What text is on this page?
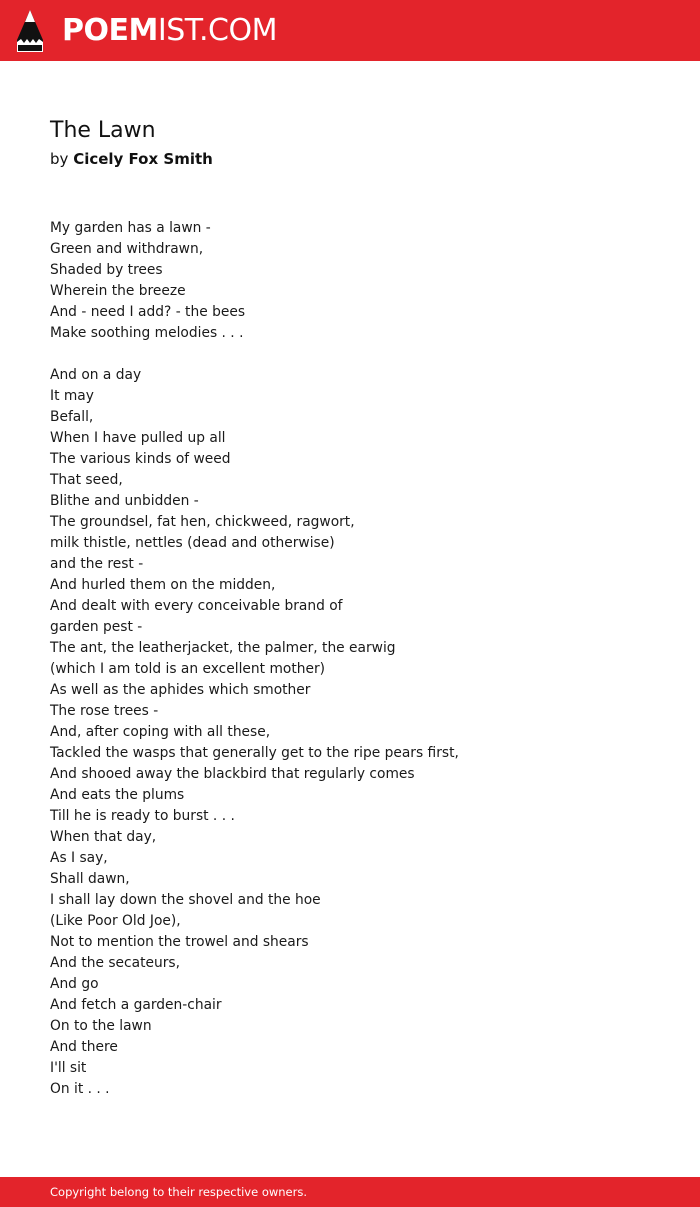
POEMIST.COM
The Lawn
by Cicely Fox Smith
My garden has a lawn -
Green and withdrawn,
Shaded by trees
Wherein the breeze
And - need I add? - the bees
Make soothing melodies . . .
And on a day
It may
Befall,
When I have pulled up all
The various kinds of weed
That seed,
Blithe and unbidden -
The groundsel, fat hen, chickweed, ragwort,
milk thistle, nettles (dead and otherwise)
and the rest -
And hurled them on the midden,
And dealt with every conceivable brand of
garden pest -
The ant, the leatherjacket, the palmer, the earwig
(which I am told is an excellent mother)
As well as the aphides which smother
The rose trees -
And, after coping with all these,
Tackled the wasps that generally get to the ripe pears first,
And shooed away the blackbird that regularly comes
And eats the plums
Till he is ready to burst . . .
When that day,
As I say,
Shall dawn,
I shall lay down the shovel and the hoe
(Like Poor Old Joe),
Not to mention the trowel and shears
And the secateurs,
And go
And fetch a garden-chair
On to the lawn
And there
I'll sit
On it . . .
Copyright belong to their respective owners.
